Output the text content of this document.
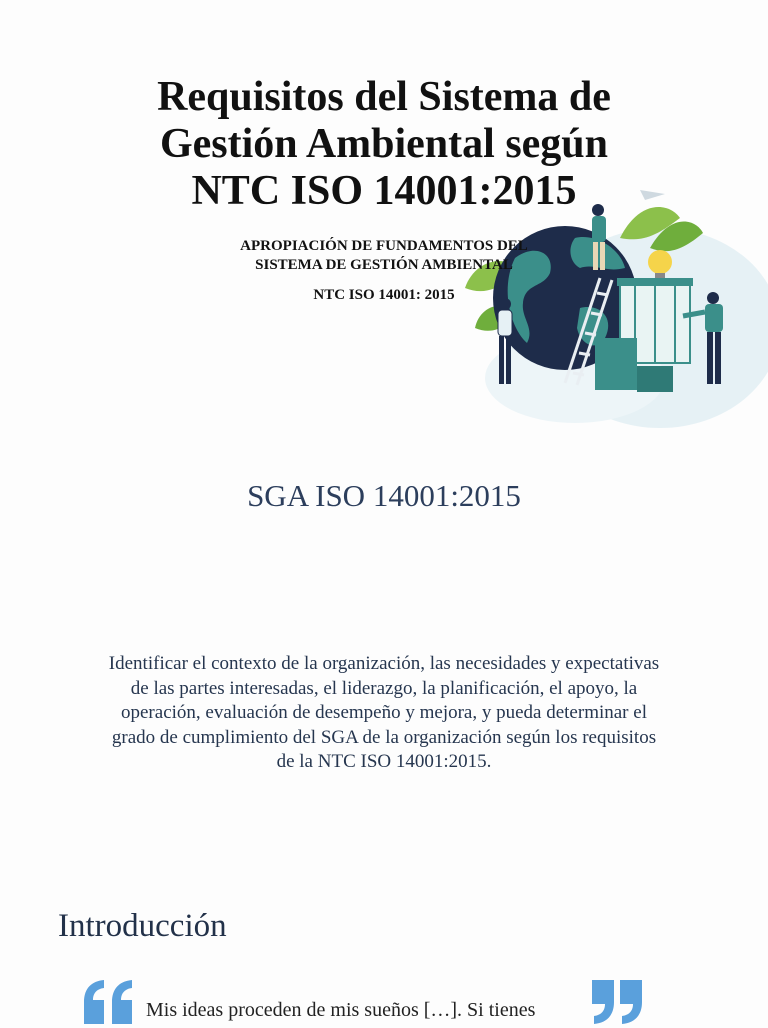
Requisitos del Sistema de
Gestión Ambiental según
NTC ISO 14001:2015
APROPIACIÓN DE FUNDAMENTOS DEL
SISTEMA DE GESTIÓN AMBIENTAL
NTC ISO 14001: 2015
SGA ISO 14001:2015
Identificar el contexto de la organización, las necesidades y expectativas
de las partes interesadas, el liderazgo, la planificación, el apoyo, la
operación, evaluación de desempeño y mejora, y pueda determinar el
grado de cumplimiento del SGA de la organización según los requisitos
de la NTC ISO 14001:2015.
Introducción
Mis ideas proceden de mis sueños […]. Si tienes
